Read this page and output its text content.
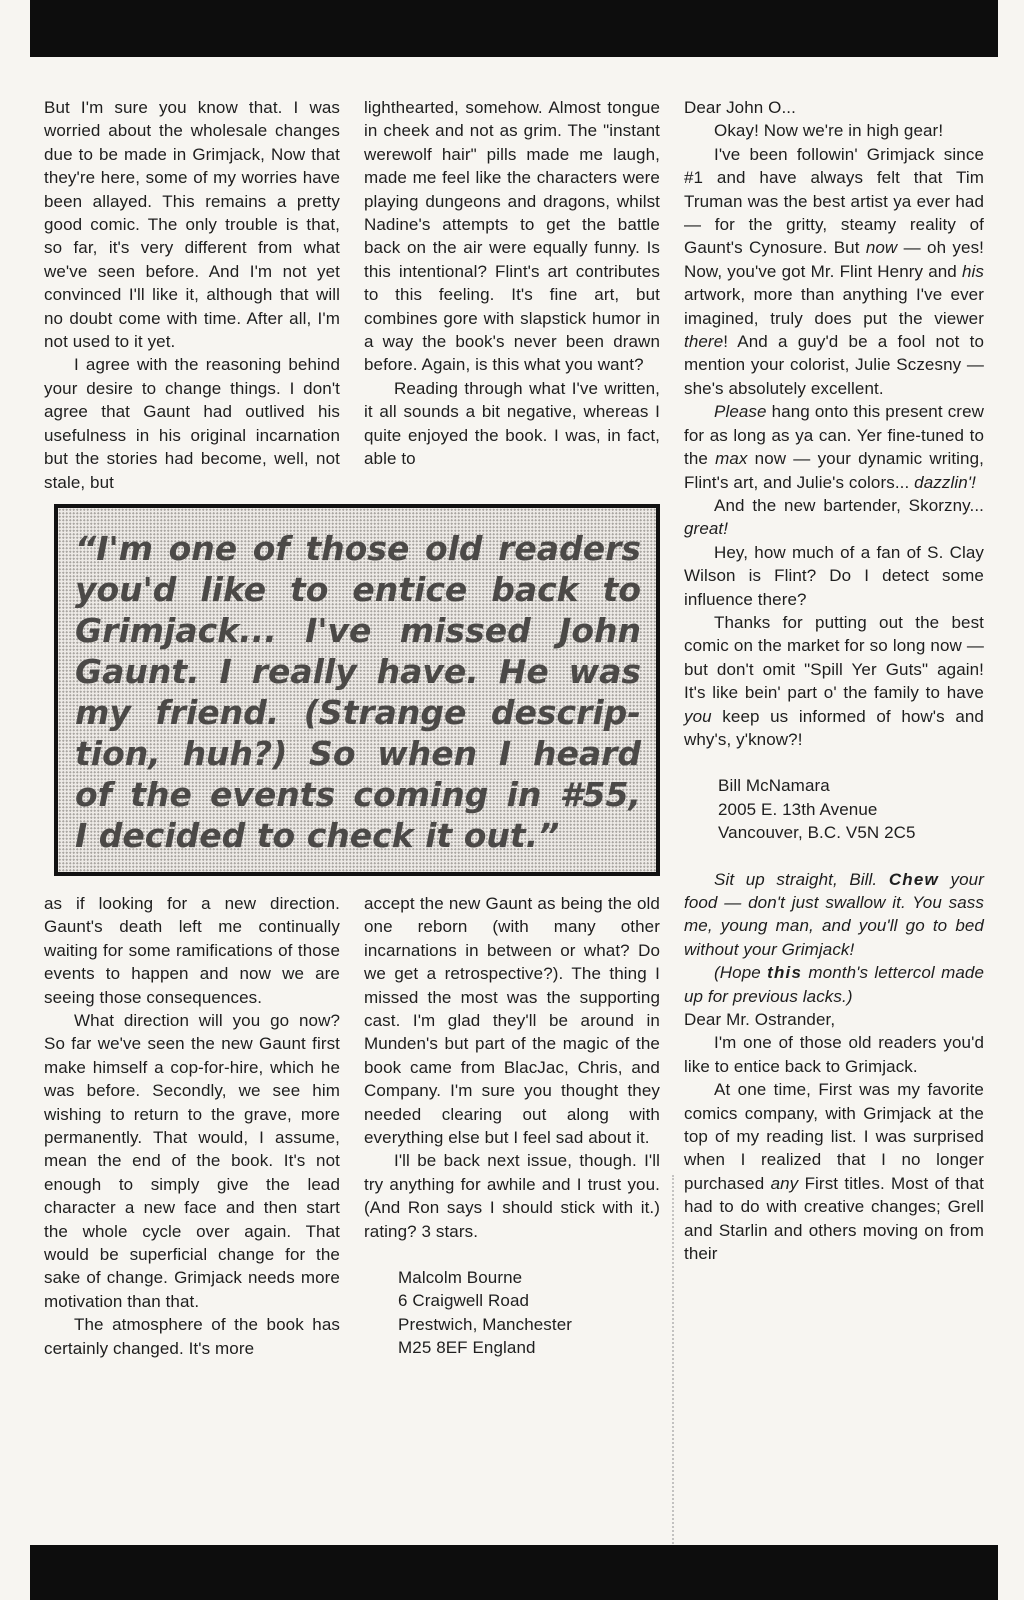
But I'm sure you know that. I was worried about the wholesale changes due to be made in Grimjack, Now that they're here, some of my worries have been allayed. This remains a pretty good comic. The only trouble is that, so far, it's very different from what we've seen before. And I'm not yet convinced I'll like it, although that will no doubt come with time. After all, I'm not used to it yet.

I agree with the reasoning behind your desire to change things. I don't agree that Gaunt had outlived his usefulness in his original incarnation but the stories had become, well, not stale, but

lighthearted, somehow. Almost tongue in cheek and not as grim. The "instant werewolf hair" pills made me laugh, made me feel like the characters were playing dungeons and dragons, whilst Nadine's attempts to get the battle back on the air were equally funny. Is this intentional? Flint's art contributes to this feeling. It's fine art, but combines gore with slapstick humor in a way the book's never been drawn before. Again, is this what you want?

Reading through what I've written, it all sounds a bit negative, whereas I quite enjoyed the book. I was, in fact, able to

“I'm one of those old readers
you'd like to entice back to
Grimjack... I've missed John
Gaunt. I really have. He was
my friend. (Strange descrip-
tion, huh?) So when I heard
of the events coming in #55,
I decided to check it out.”

as if looking for a new direction. Gaunt's death left me continually waiting for some ramifications of those events to happen and now we are seeing those consequences.

What direction will you go now? So far we've seen the new Gaunt first make himself a cop-for-hire, which he was before. Secondly, we see him wishing to return to the grave, more permanently. That would, I assume, mean the end of the book. It's not enough to simply give the lead character a new face and then start the whole cycle over again. That would be superficial change for the sake of change. Grimjack needs more motivation than that.

The atmosphere of the book has certainly changed. It's more

accept the new Gaunt as being the old one reborn (with many other incarnations in between or what? Do we get a retrospective?). The thing I missed the most was the supporting cast. I'm glad they'll be around in Munden's but part of the magic of the book came from BlacJac, Chris, and Company. I'm sure you thought they needed clearing out along with everything else but I feel sad about it.

I'll be back next issue, though. I'll try anything for awhile and I trust you. (And Ron says I should stick with it.) rating? 3 stars.

Malcolm Bourne
6 Craigwell Road
Prestwich, Manchester
M25 8EF England

Dear John O...

Okay! Now we're in high gear!

I've been followin' Grimjack since #1 and have always felt that Tim Truman was the best artist ya ever had — for the gritty, steamy reality of Gaunt's Cynosure. But now — oh yes! Now, you've got Mr. Flint Henry and his artwork, more than anything I've ever imagined, truly does put the viewer there! And a guy'd be a fool not to mention your colorist, Julie Sczesny — she's absolutely excellent.

Please hang onto this present crew for as long as ya can. Yer fine-tuned to the max now — your dynamic writing, Flint's art, and Julie's colors... dazzlin'!

And the new bartender, Skorzny... great!

Hey, how much of a fan of S. Clay Wilson is Flint? Do I detect some influence there?

Thanks for putting out the best comic on the market for so long now — but don't omit "Spill Yer Guts" again! It's like bein' part o' the family to have you keep us informed of how's and why's, y'know?!

Bill McNamara
2005 E. 13th Avenue
Vancouver, B.C. V5N 2C5

Sit up straight, Bill. Chew your food — don't just swallow it. You sass me, young man, and you'll go to bed without your Grimjack!

(Hope this month's lettercol made up for previous lacks.)

Dear Mr. Ostrander,

I'm one of those old readers you'd like to entice back to Grimjack.

At one time, First was my favorite comics company, with Grimjack at the top of my reading list. I was surprised when I realized that I no longer purchased any First titles. Most of that had to do with creative changes; Grell and Starlin and others moving on from their
